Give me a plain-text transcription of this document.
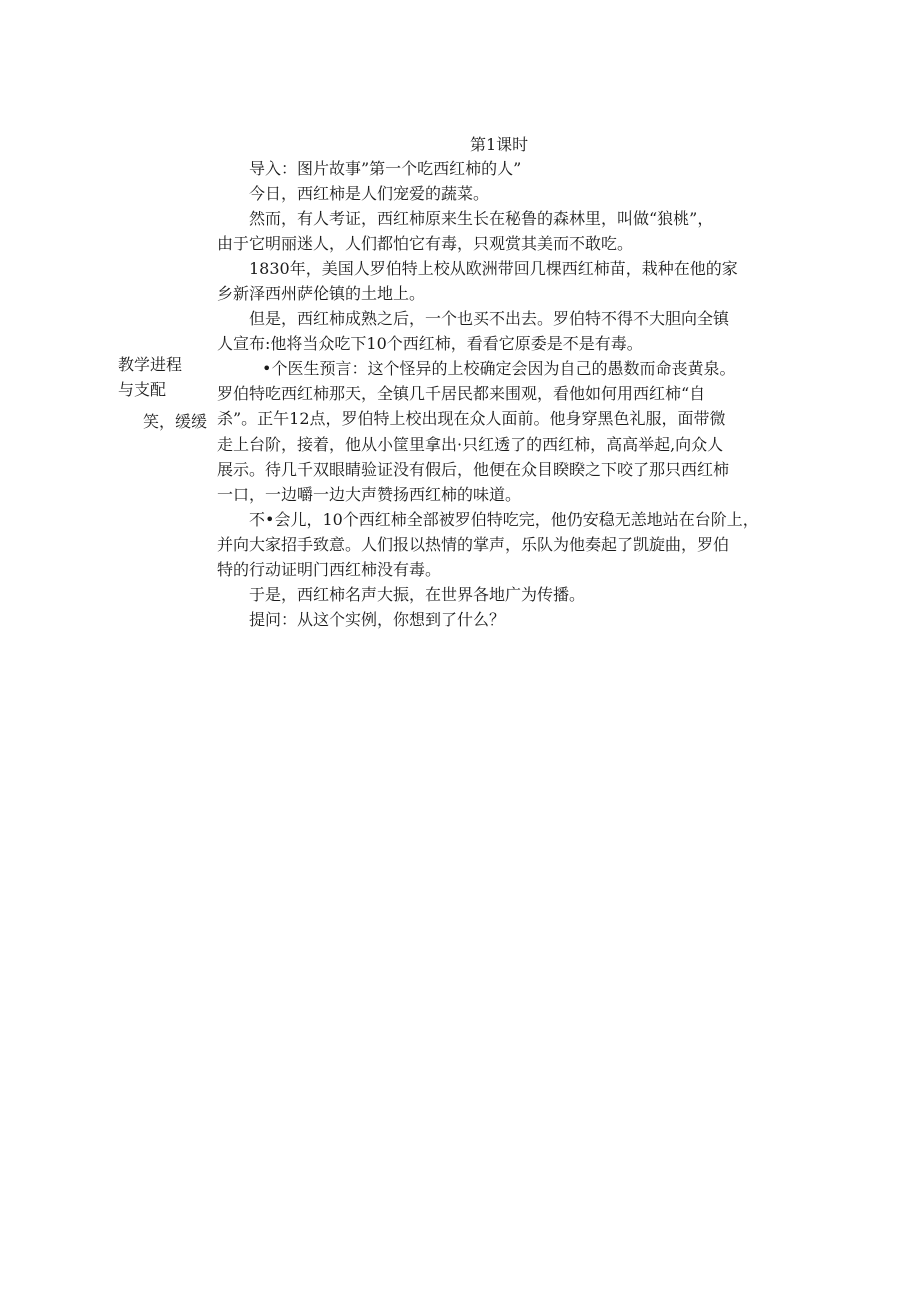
第1课时
教学进程
与支配
笑，缓缓
导入：图片故事”第一个吃西红柿的人”
今日，西红柿是人们宠爱的蔬菜。
然而，有人考证，西红柿原来生长在秘鲁的森林里，叫做“狼桃”，
由于它明丽迷人，人们都怕它有毒，只观赏其美而不敢吃。
1830年，美国人罗伯特上校从欧洲带回几棵西红柿苗，栽种在他的家
乡新泽西州萨伦镇的土地上。
但是，西红柿成熟之后，一个也买不出去。罗伯特不得不大胆向全镇
人宣布:他将当众吃下10个西红柿，看看它原委是不是有毒。
•个医生预言：这个怪异的上校确定会因为自己的愚数而命丧黄泉。
罗伯特吃西红柿那天，全镇几千居民都来围观，看他如何用西红柿“自
杀”。正午12点，罗伯特上校出现在众人面前。他身穿黑色礼服，面带微
走上台阶，接着，他从小筐里拿出·只红透了的西红柿，高高举起,向众人
展示。待几千双眼睛验证没有假后，他便在众目睽睽之下咬了那只西红柿
一口，一边嚼一边大声赞扬西红柿的味道。
不•会儿，10个西红柿全部被罗伯特吃完，他仍安稳无恙地站在台阶上，
并向大家招手致意。人们报以热情的掌声，乐队为他奏起了凯旋曲，罗伯
特的行动证明门西红柿没有毒。
于是，西红柿名声大振，在世界各地广为传播。
提问：从这个实例，你想到了什么？
